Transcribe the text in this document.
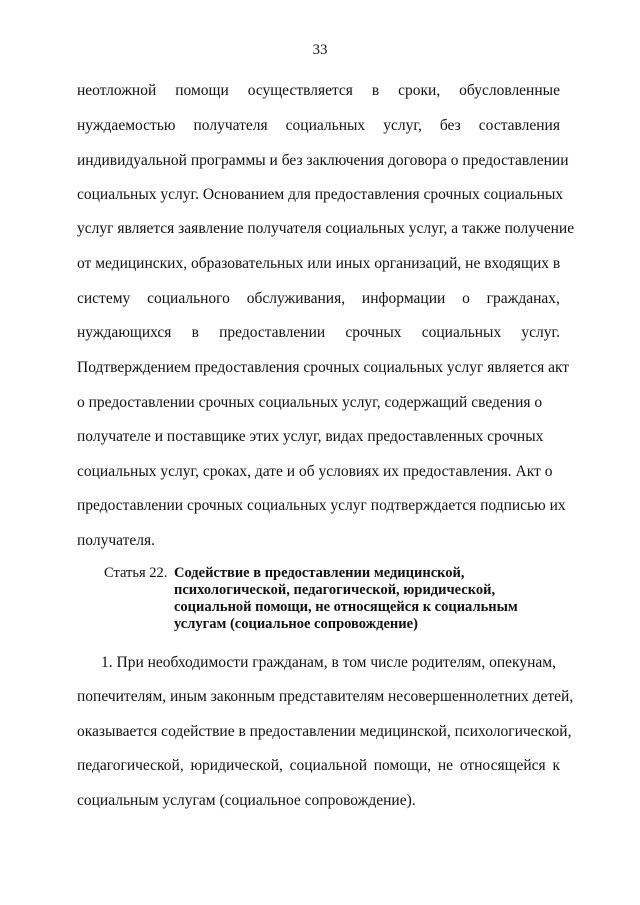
33
неотложной помощи осуществляется в сроки, обусловленные
нуждаемостью получателя социальных услуг, без составления
индивидуальной программы и без заключения договора о предоставлении
социальных услуг. Основанием для предоставления срочных социальных
услуг является заявление получателя социальных услуг, а также получение
от медицинских, образовательных или иных организаций, не входящих в
систему социального обслуживания, информации о гражданах,
нуждающихся в предоставлении срочных социальных услуг.
Подтверждением предоставления срочных социальных услуг является акт
о предоставлении срочных социальных услуг, содержащий сведения о
получателе и поставщике этих услуг, видах предоставленных срочных
социальных услуг, сроках, дате и об условиях их предоставления. Акт о
предоставлении срочных социальных услуг подтверждается подписью их
получателя.
Статья 22. Содействие в предоставлении медицинской,
психологической, педагогической, юридической,
социальной помощи, не относящейся к социальным
услугам (социальное сопровождение)
1. При необходимости гражданам, в том числе родителям, опекунам,
попечителям, иным законным представителям несовершеннолетних детей,
оказывается содействие в предоставлении медицинской, психологической,
педагогической, юридической, социальной помощи, не относящейся к
социальным услугам (социальное сопровождение).
